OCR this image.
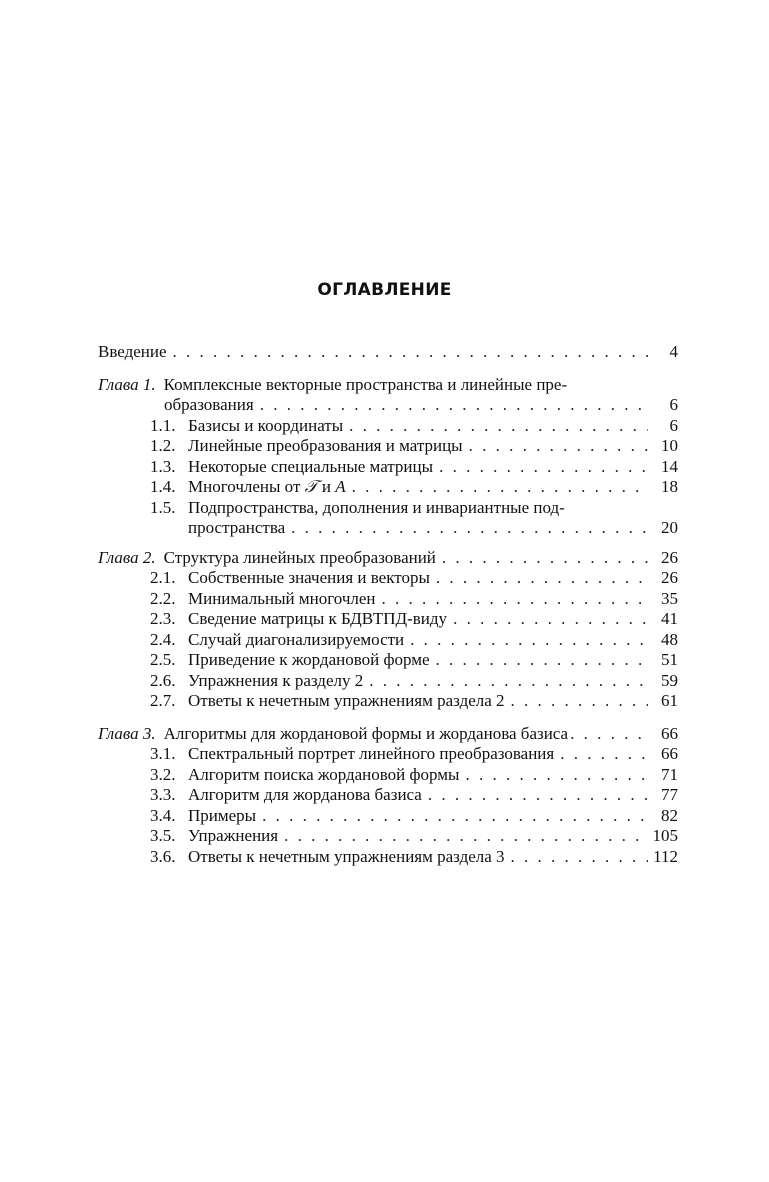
ОГЛАВЛЕНИЕ
Введение . . .	4
Глава 1. Комплексные векторные пространства и линейные пре-
образования . . .	6
1.1. Базисы и координаты . . .	6
1.2. Линейные преобразования и матрицы . . .	10
1.3. Некоторые специальные матрицы . . .	14
1.4. Многочлены от 𝒯 и A . . .	18
1.5. Подпространства, дополнения и инвариантные под-
пространства . . .	20
Глава 2. Структура линейных преобразований . . .	26
2.1. Собственные значения и векторы . . .	26
2.2. Минимальный многочлен . . .	35
2.3. Сведение матрицы к БДВТПД-виду . . .	41
2.4. Случай диагонализируемости . . .	48
2.5. Приведение к жордановой форме . . .	51
2.6. Упражнения к разделу 2 . . .	59
2.7. Ответы к нечетным упражнениям раздела 2 . . .	61
Глава 3. Алгоритмы для жордановой формы и жорданова базиса . . .	66
3.1. Спектральный портрет линейного преобразования . . .	66
3.2. Алгоритм поиска жордановой формы . . .	71
3.3. Алгоритм для жорданова базиса . . .	77
3.4. Примеры . . .	82
3.5. Упражнения . . .	105
3.6. Ответы к нечетным упражнениям раздела 3 . . .	112
